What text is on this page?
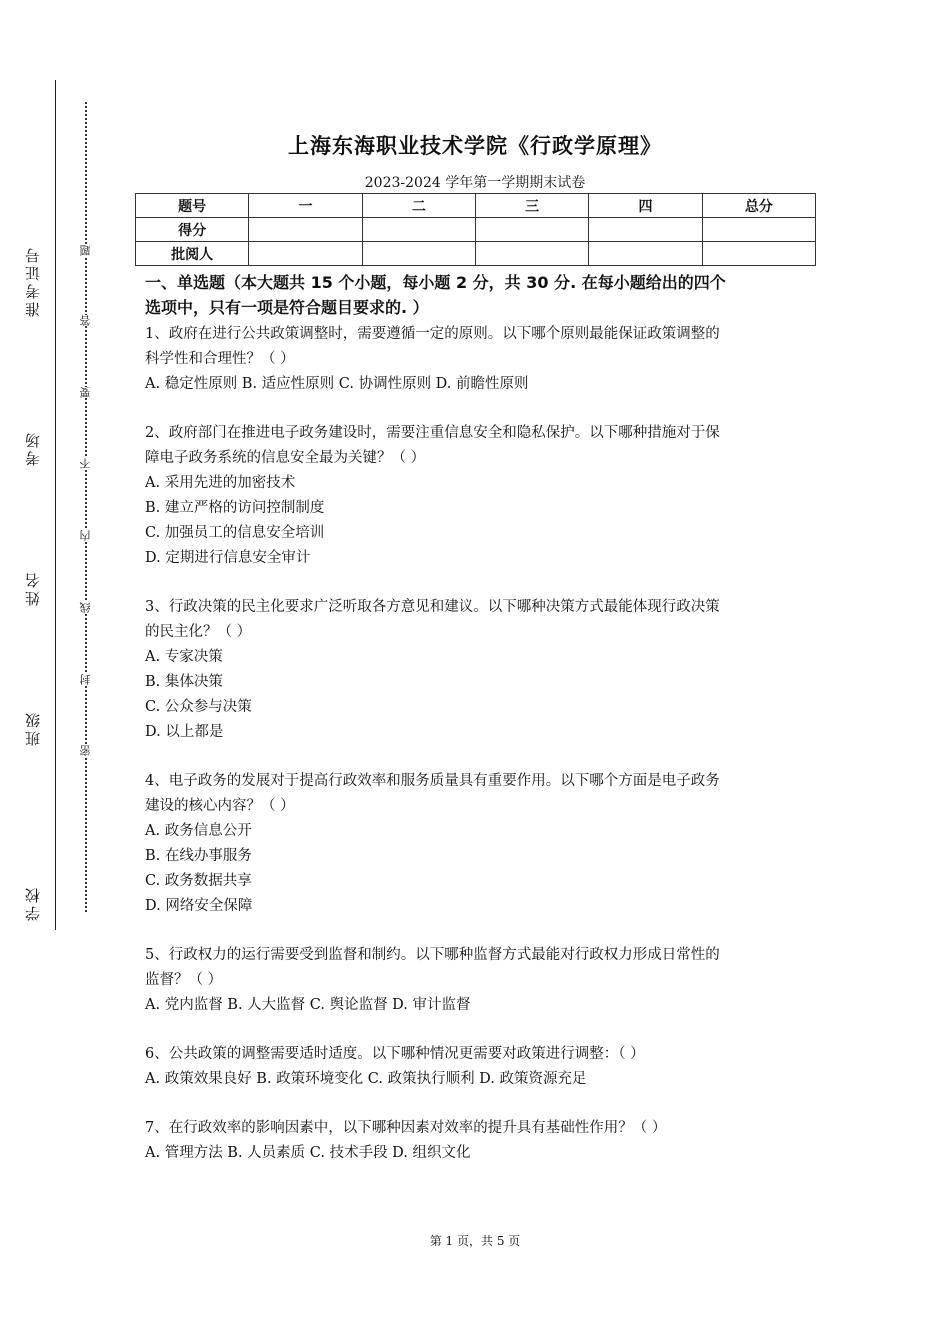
准考证号
考场
姓名
班级
学校
题
答
要
不
内
线
封
密
上海东海职业技术学院《行政学原理》
2023-2024 学年第一学期期末试卷
题号	一	二	三	四	总分
得分					
批阅人					
一、单选题（本大题共 15 个小题，每小题 2 分，共 30 分. 在每小题给出的四个
选项中，只有一项是符合题目要求的. ）
1、政府在进行公共政策调整时，需要遵循一定的原则。以下哪个原则最能保证政策调整的
科学性和合理性？（ ）
A. 稳定性原则 B. 适应性原则 C. 协调性原则 D. 前瞻性原则
2、政府部门在推进电子政务建设时，需要注重信息安全和隐私保护。以下哪种措施对于保
障电子政务系统的信息安全最为关键？（ ）
A. 采用先进的加密技术
B. 建立严格的访问控制制度
C. 加强员工的信息安全培训
D. 定期进行信息安全审计
3、行政决策的民主化要求广泛听取各方意见和建议。以下哪种决策方式最能体现行政决策
的民主化？（ ）
A. 专家决策
B. 集体决策
C. 公众参与决策
D. 以上都是
4、电子政务的发展对于提高行政效率和服务质量具有重要作用。以下哪个方面是电子政务
建设的核心内容？（ ）
A. 政务信息公开
B. 在线办事服务
C. 政务数据共享
D. 网络安全保障
5、行政权力的运行需要受到监督和制约。以下哪种监督方式最能对行政权力形成日常性的
监督？（ ）
A. 党内监督 B. 人大监督 C. 舆论监督 D. 审计监督
6、公共政策的调整需要适时适度。以下哪种情况更需要对政策进行调整：（ ）
A. 政策效果良好 B. 政策环境变化 C. 政策执行顺利 D. 政策资源充足
7、在行政效率的影响因素中，以下哪种因素对效率的提升具有基础性作用？（ ）
A. 管理方法 B. 人员素质 C. 技术手段 D. 组织文化
第 1 页，共 5 页
